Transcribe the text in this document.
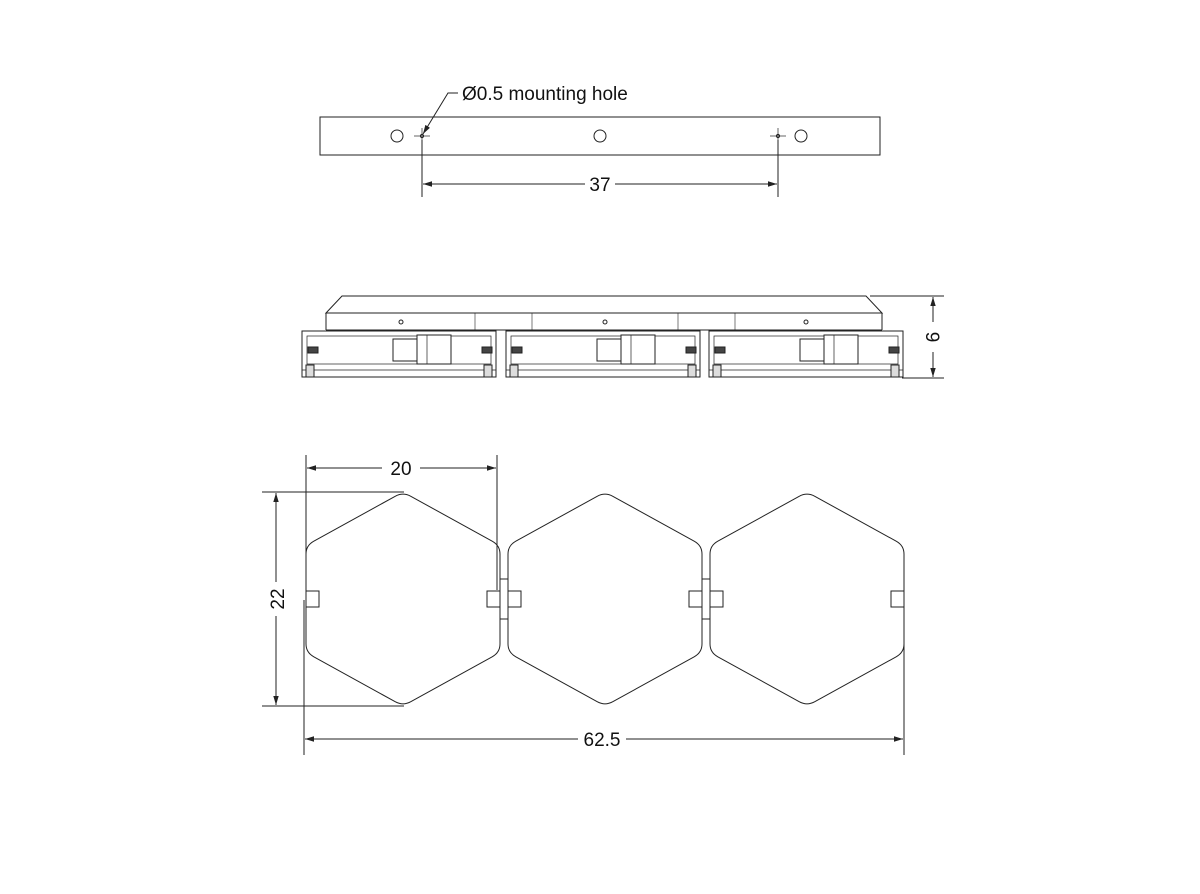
Ø0.5 mounting hole
37
9
20
22
62.5
